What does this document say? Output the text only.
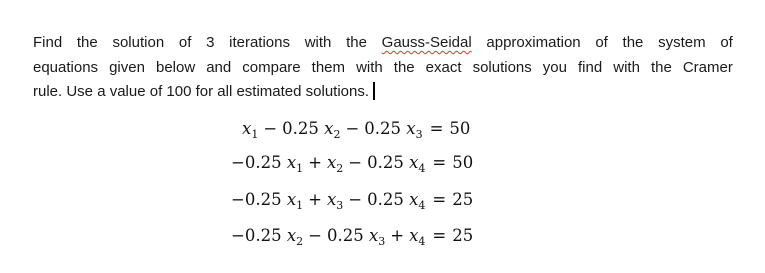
Find the solution of 3 iterations with the Gauss-Seidal approximation of the system of

equations given below and compare them with the exact solutions you find with the Cramer

rule. Use a value of 100 for all estimated solutions.

$x_1 - 0.25$ $x_2 - 0.25$ $x_3 = 50$
−0.25 $x_1 + x_2 - 0.25$ $x_4 = 50$
−0.25 $x_1 + x_3 - 0.25$ $x_4 = 25$
−0.25 $x_2 - 0.25$ $x_3 + x_4 = 25$
